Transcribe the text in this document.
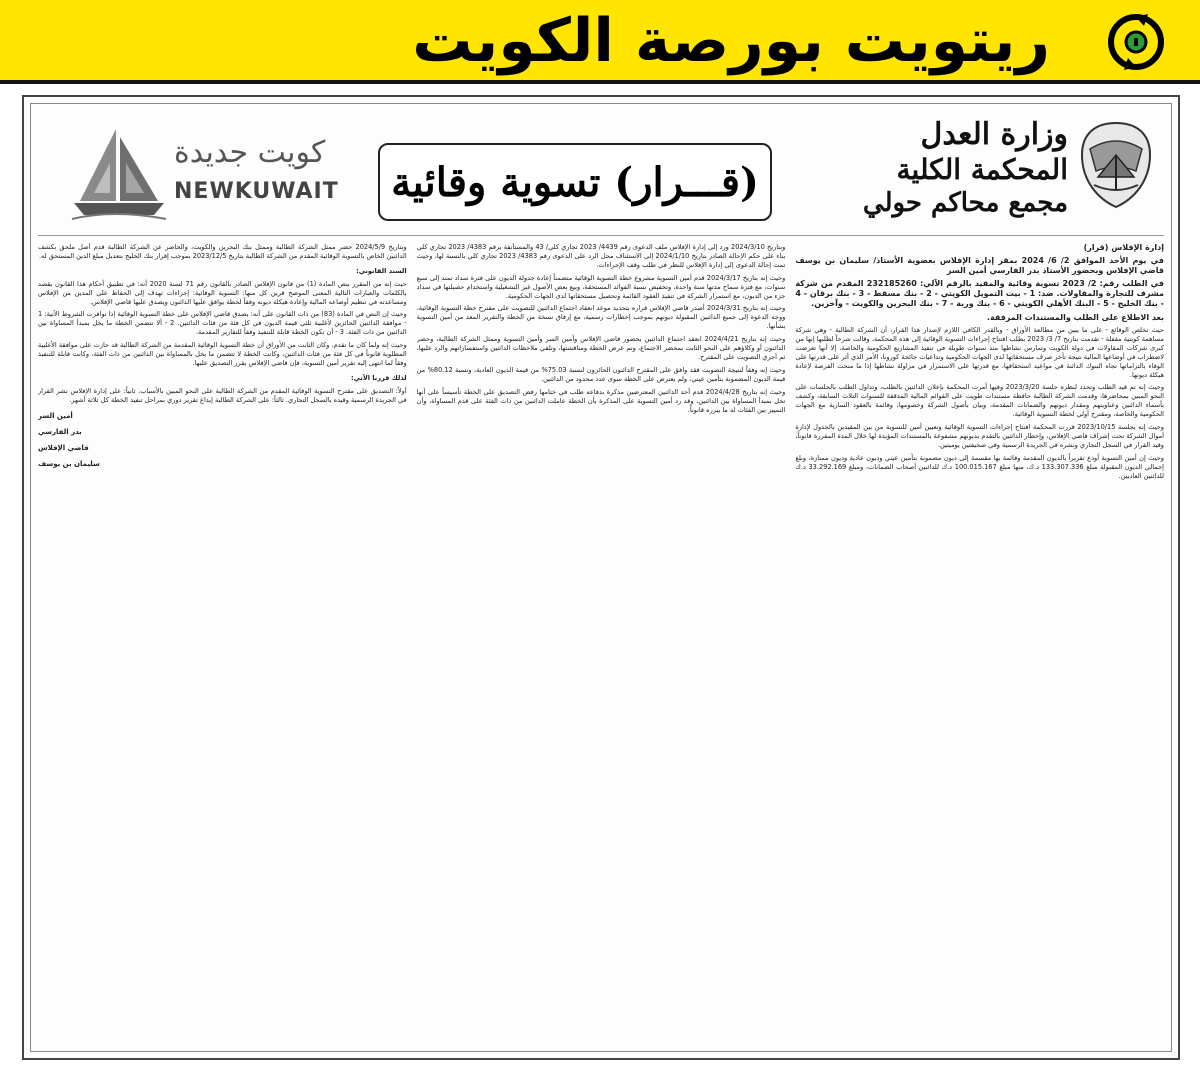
ريتويت بورصة الكويت
وزارة العدل
المحكمة الكلية
مجمع محاكم حولي
(قـــرار) تسوية وقائية
كويت جديدة
NEWKUWAIT

إدارة الإفلاس (قرار)

في يوم الأحد الموافق 2/ 6/ 2024 بمقر إدارة الإفلاس بعضوية الأستاذ/ سليمان بن يوسف قاضي الإفلاس وبحضور الأستاذ بدر الفارسي أمين السر

في الطلب رقم: 2/ 2023 تسوية وقائية والمقيد بالرقم الآلي: 232185260 المقدم من شركة مشرف للتجارة والمقاولات. ضد: 1 - بيت التمويل الكويتي - 2 - بنك مسقط - 3 - بنك برقان - 4 - بنك الخليج - 5 - البنك الأهلي الكويتي - 6 - بنك وربة - 7 - بنك البحرين والكويت - وآخرين.

بعد الاطلاع على الطلب والمستندات المرفقة.

حيث تخلص الوقائع - على ما يبين من مطالعة الأوراق - وبالقدر الكافي اللازم لإصدار هذا القرار، أن الشركة الطالبة - وهي شركة مساهمة كويتية مقفلة - تقدمت بتاريخ 7/ 3/ 2023 بطلب افتتاح إجراءات التسوية الوقائية إلى هذه المحكمة، وقالت شرحاً لطلبها إنها من كبرى شركات المقاولات في دولة الكويت وتمارس نشاطها منذ سنوات طويلة في تنفيذ المشاريع الحكومية والخاصة، إلا أنها تعرضت لاضطراب في أوضاعها المالية نتيجة تأخر صرف مستحقاتها لدى الجهات الحكومية وتداعيات جائحة كورونا، الأمر الذي أثر على قدرتها على الوفاء بالتزاماتها تجاه البنوك الدائنة في مواعيد استحقاقها، مع قدرتها على الاستمرار في مزاولة نشاطها إذا ما منحت الفرصة لإعادة هيكلة ديونها.

وحيث إنه تم قيد الطلب وتحدد لنظره جلسة 2023/3/20 وفيها أمرت المحكمة بإعلان الدائنين بالطلب، وتداول الطلب بالجلسات على النحو المبين بمحاضرها، وقدمت الشركة الطالبة حافظة مستندات طويت على القوائم المالية المدققة للسنوات الثلاث السابقة، وكشف بأسماء الدائنين وعناوينهم ومقدار ديونهم والضمانات المقدمة، وبيان بأصول الشركة وخصومها، وقائمة بالعقود السارية مع الجهات الحكومية والخاصة، ومقترح أولي لخطة التسوية الوقائية.

وحيث إنه بجلسة 2023/10/15 قررت المحكمة افتتاح إجراءات التسوية الوقائية وتعيين أمين للتسوية من بين المقيدين بالجدول لإدارة أموال الشركة تحت إشراف قاضي الإفلاس، وإخطار الدائنين بالتقدم بديونهم مشفوعة بالمستندات المؤيدة لها خلال المدة المقررة قانوناً، وقيد القرار في السجل التجاري ونشره في الجريدة الرسمية وفي صحيفتين يوميتين.

وحيث إن أمين التسوية أودع تقريراً بالديون المقدمة وقائمة بها مقسمة إلى ديون مضمونة بتأمين عيني وديون عادية وديون ممتازة، وبلغ إجمالي الديون المقبولة مبلغ 133.307.336 د.ك، منها مبلغ 100.015.167 د.ك للدائنين أصحاب الضمانات، ومبلغ 33.292.169 د.ك للدائنين العاديين.

وبتاريخ 2024/3/10 ورد إلى إدارة الإفلاس ملف الدعوى رقم 4439/ 2023 تجاري كلي/ 43 والمستأنفة برقم 4383/ 2023 تجاري كلي بناء على حكم الإحالة الصادر بتاريخ 2024/1/10 إلى الاستئناف محل الرد على الدعوى رقم 4383/ 2023 تجاري كلي بالنسبة لها، وحيث تمت إحالة الدعوى إلى إدارة الإفلاس للنظر في طلب وقف الإجراءات.

وحيث إنه بتاريخ 2024/3/17 قدم أمين التسوية مشروع خطة التسوية الوقائية متضمناً إعادة جدولة الديون على فترة سداد تمتد إلى سبع سنوات، مع فترة سماح مدتها سنة واحدة، وتخفيض نسبة الفوائد المستحقة، وبيع بعض الأصول غير التشغيلية واستخدام حصيلتها في سداد جزء من الديون، مع استمرار الشركة في تنفيذ العقود القائمة وتحصيل مستحقاتها لدى الجهات الحكومية.

وحيث إنه بتاريخ 2024/3/31 أصدر قاضي الإفلاس قراره بتحديد موعد انعقاد اجتماع الدائنين للتصويت على مقترح خطة التسوية الوقائية، ووجه الدعوة إلى جميع الدائنين المقبولة ديونهم بموجب إخطارات رسمية، مع إرفاق نسخة من الخطة والتقرير المعد من أمين التسوية بشأنها.

وحيث إنه بتاريخ 2024/4/21 انعقد اجتماع الدائنين بحضور قاضي الإفلاس وأمين السر وأمين التسوية وممثل الشركة الطالبة، وحضر الدائنون أو وكلاؤهم على النحو الثابت بمحضر الاجتماع، وتم عرض الخطة ومناقشتها، وتلقي ملاحظات الدائنين واستفساراتهم والرد عليها، ثم أجري التصويت على المقترح.

وحيث إنه وفقاً لنتيجة التصويت فقد وافق على المقترح الدائنون الحائزون لنسبة 75.03% من قيمة الديون العادية، ونسبة 80.12% من قيمة الديون المضمونة بتأمين عيني، ولم يعترض على الخطة سوى عدد محدود من الدائنين.

وحيث إنه بتاريخ 2024/4/28 قدم أحد الدائنين المعترضين مذكرة بدفاعه طلب في ختامها رفض التصديق على الخطة تأسيساً على أنها تخل بمبدأ المساواة بين الدائنين، وقد رد أمين التسوية على المذكرة بأن الخطة عاملت الدائنين من ذات الفئة على قدم المساواة، وأن التمييز بين الفئات له ما يبرره قانوناً.

وبتاريخ 2024/5/9 حضر ممثل الشركة الطالبة وممثل بنك البحرين والكويت، والحاضر عن الشركة الطالبة قدم أصل ملحق بكشف الدائنين الخاص بالتسوية الوقائية المقدم من الشركة الطالبة بتاريخ 2023/12/5 بموجب إقرار بنك الخليج بتعديل مبلغ الدين المستحق له.

السند القانوني:

حيث إنه من المقرر بنص المادة (1) من قانون الإفلاس الصادر بالقانون رقم 71 لسنة 2020 أنه: في تطبيق أحكام هذا القانون يقصد بالكلمات والعبارات التالية المعنى الموضح قرين كل منها: التسوية الوقائية: إجراءات تهدف إلى الحفاظ على المدين من الإفلاس ومساعدته في تنظيم أوضاعه المالية وإعادة هيكلة ديونه وفقاً لخطة يوافق عليها الدائنون ويصدق عليها قاضي الإفلاس.

وحيث إن النص في المادة (83) من ذات القانون على أنه: يصدق قاضي الإفلاس على خطة التسوية الوقائية إذا توافرت الشروط الآتية: 1 - موافقة الدائنين الحائزين لأغلبية ثلثي قيمة الديون في كل فئة من فئات الدائنين. 2 - ألا تتضمن الخطة ما يخل بمبدأ المساواة بين الدائنين من ذات الفئة. 3 - أن تكون الخطة قابلة للتنفيذ وفقاً للتقارير المقدمة.

وحيث إنه ولما كان ما تقدم، وكان الثابت من الأوراق أن خطة التسوية الوقائية المقدمة من الشركة الطالبة قد حازت على موافقة الأغلبية المطلوبة قانوناً في كل فئة من فئات الدائنين، وكانت الخطة لا تتضمن ما يخل بالمساواة بين الدائنين من ذات الفئة، وكانت قابلة للتنفيذ وفقاً لما انتهى إليه تقرير أمين التسوية، فإن قاضي الإفلاس يقرر التصديق عليها.

لذلك قررنا الآتي:

أولاً: التصديق على مقترح التسوية الوقائية المقدم من الشركة الطالبة على النحو المبين بالأسباب. ثانياً: على إدارة الإفلاس نشر القرار في الجريدة الرسمية وقيده بالسجل التجاري. ثالثاً: على الشركة الطالبة إيداع تقرير دوري بمراحل تنفيذ الخطة كل ثلاثة أشهر.

أمين السر

بدر الفارسي

قاضي الإفلاس

سليمان بن يوسف
